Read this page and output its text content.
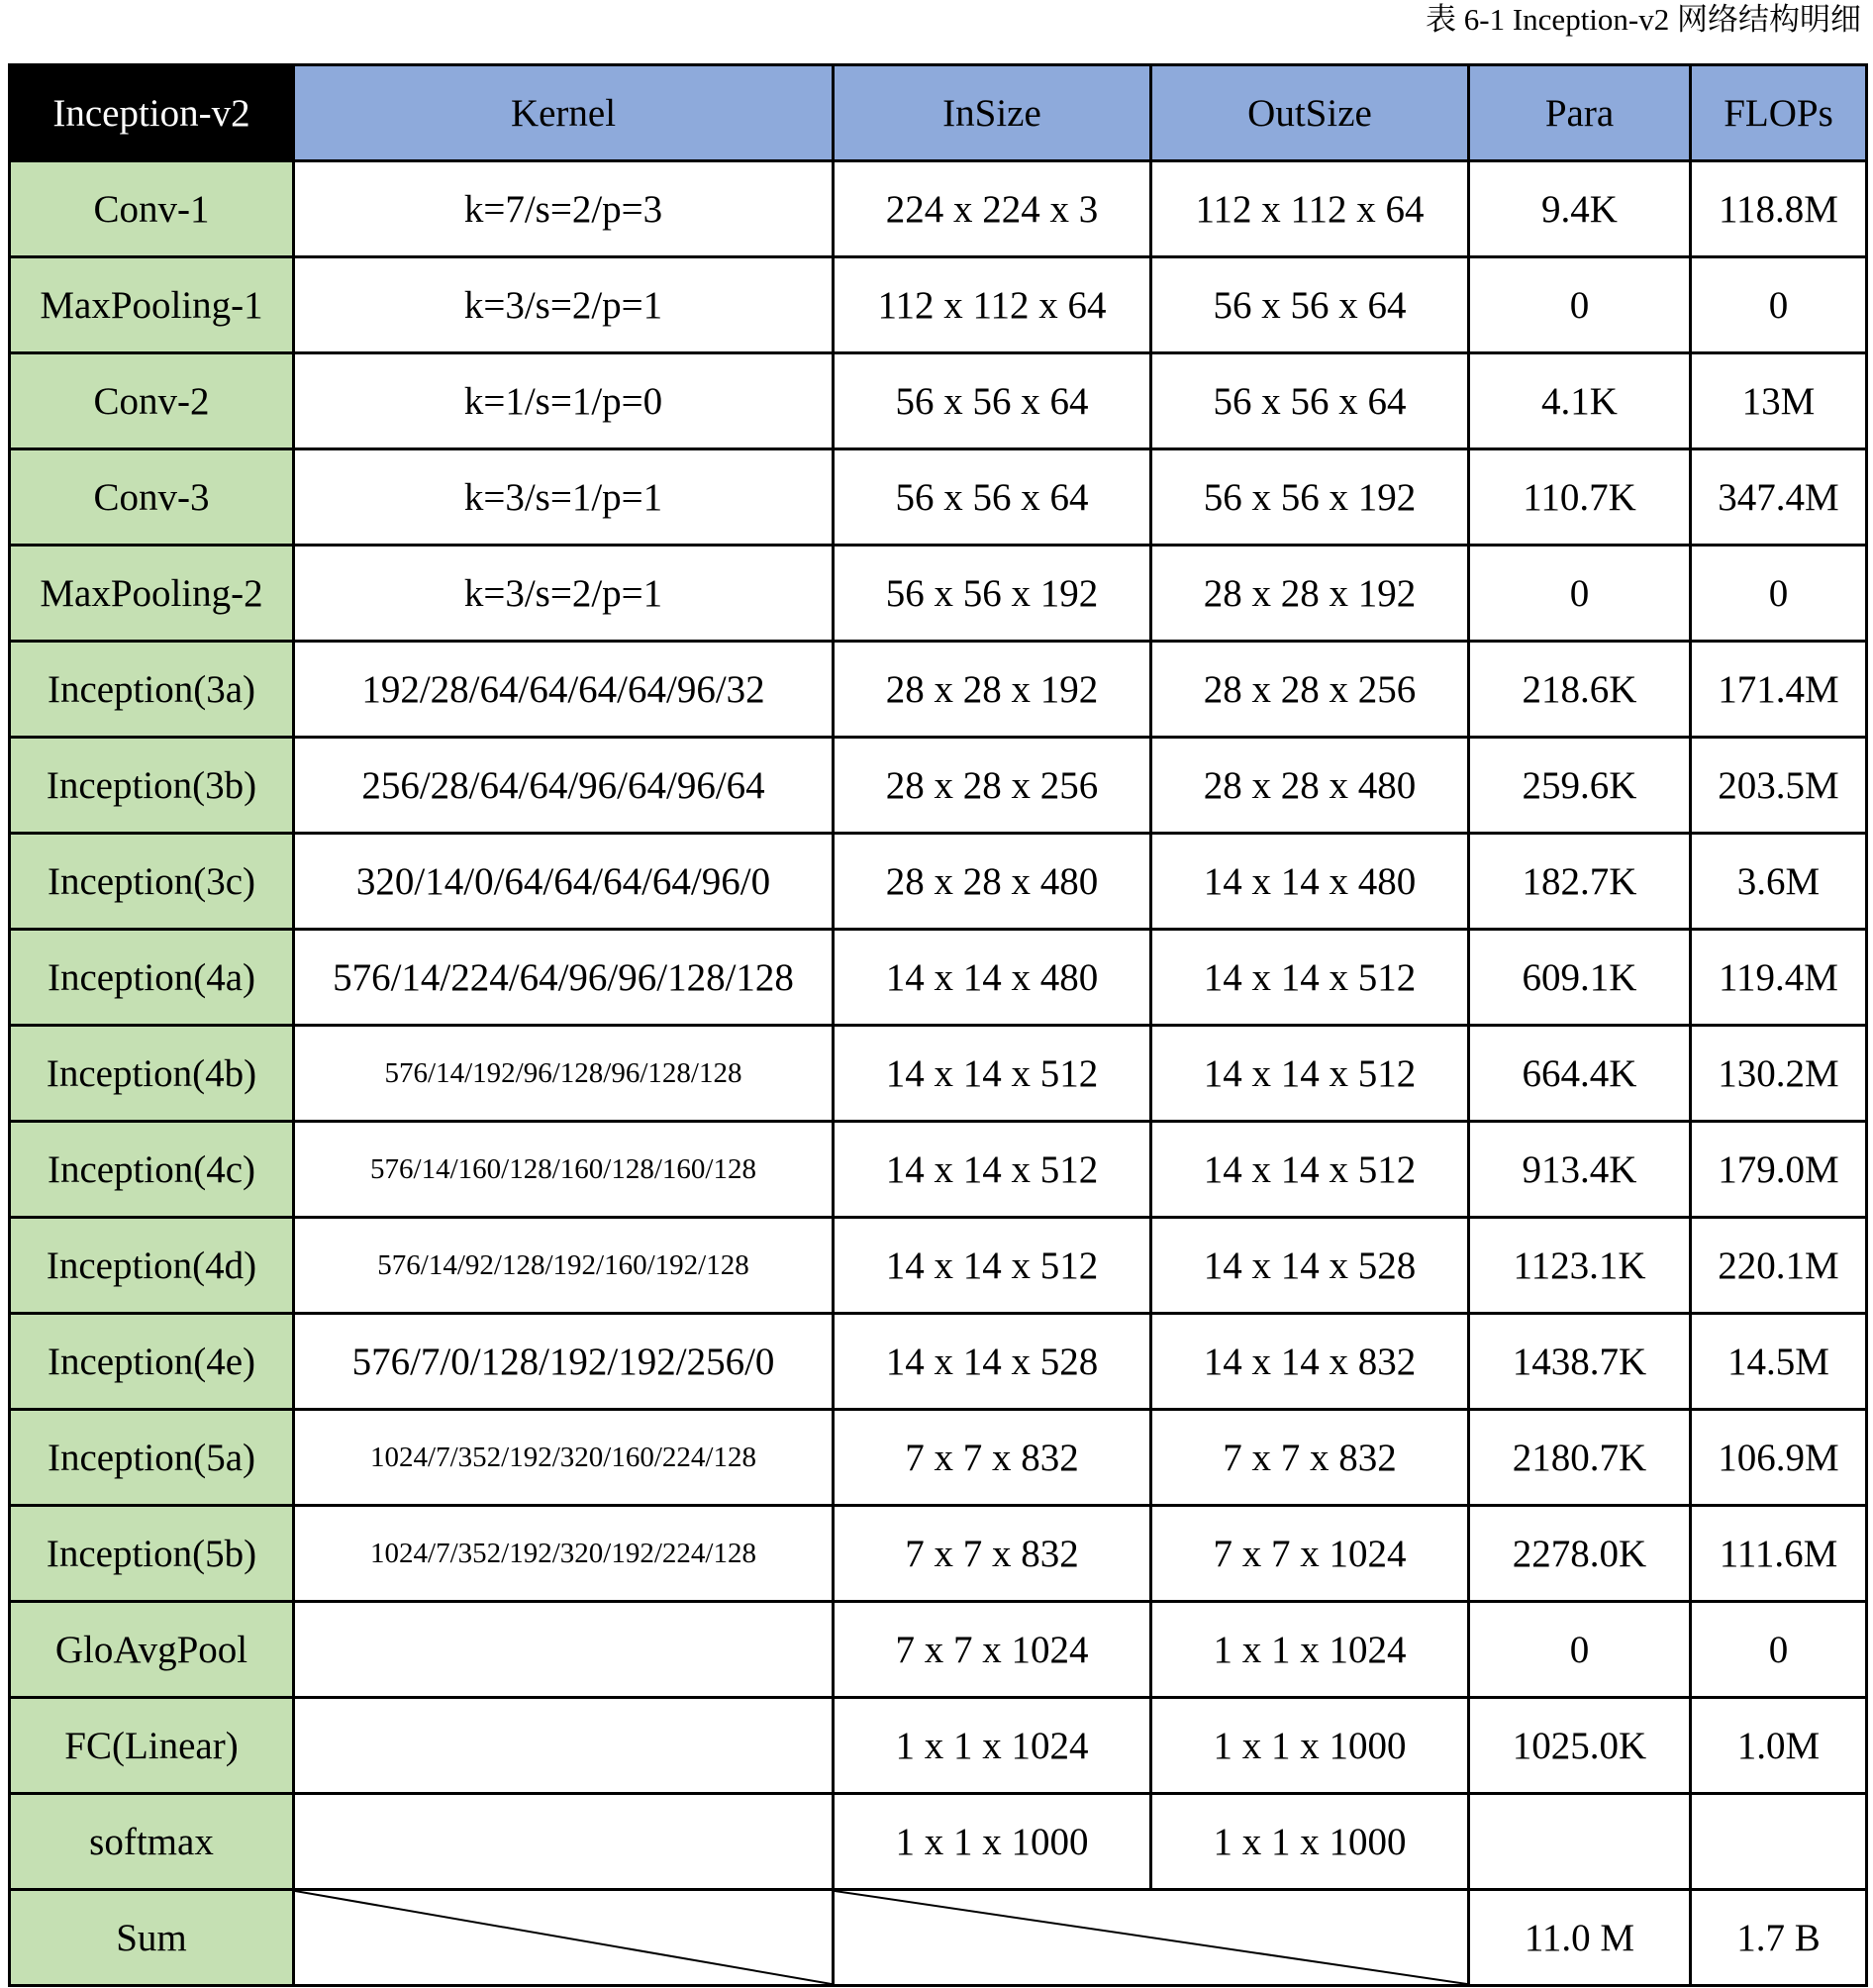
表 6-1 Inception-v2 网络结构明细
Inception-v2	Kernel	InSize	OutSize	Para	FLOPs
Conv-1	k=7/s=2/p=3	224 x 224 x 3	112 x 112 x 64	9.4K	118.8M
MaxPooling-1	k=3/s=2/p=1	112 x 112 x 64	56 x 56 x 64	0	0
Conv-2	k=1/s=1/p=0	56 x 56 x 64	56 x 56 x 64	4.1K	13M
Conv-3	k=3/s=1/p=1	56 x 56 x 64	56 x 56 x 192	110.7K	347.4M
MaxPooling-2	k=3/s=2/p=1	56 x 56 x 192	28 x 28 x 192	0	0
Inception(3a)	192/28/64/64/64/64/96/32	28 x 28 x 192	28 x 28 x 256	218.6K	171.4M
Inception(3b)	256/28/64/64/96/64/96/64	28 x 28 x 256	28 x 28 x 480	259.6K	203.5M
Inception(3c)	320/14/0/64/64/64/64/96/0	28 x 28 x 480	14 x 14 x 480	182.7K	3.6M
Inception(4a)	576/14/224/64/96/96/128/128	14 x 14 x 480	14 x 14 x 512	609.1K	119.4M
Inception(4b)	576/14/192/96/128/96/128/128	14 x 14 x 512	14 x 14 x 512	664.4K	130.2M
Inception(4c)	576/14/160/128/160/128/160/128	14 x 14 x 512	14 x 14 x 512	913.4K	179.0M
Inception(4d)	576/14/92/128/192/160/192/128	14 x 14 x 512	14 x 14 x 528	1123.1K	220.1M
Inception(4e)	576/7/0/128/192/192/256/0	14 x 14 x 528	14 x 14 x 832	1438.7K	14.5M
Inception(5a)	1024/7/352/192/320/160/224/128	7 x 7 x 832	7 x 7 x 832	2180.7K	106.9M
Inception(5b)	1024/7/352/192/320/192/224/128	7 x 7 x 832	7 x 7 x 1024	2278.0K	111.6M
GloAvgPool		7 x 7 x 1024	1 x 1 x 1024	0	0
FC(Linear)		1 x 1 x 1024	1 x 1 x 1000	1025.0K	1.0M
softmax		1 x 1 x 1000	1 x 1 x 1000		
Sum				11.0 M	1.7 B
